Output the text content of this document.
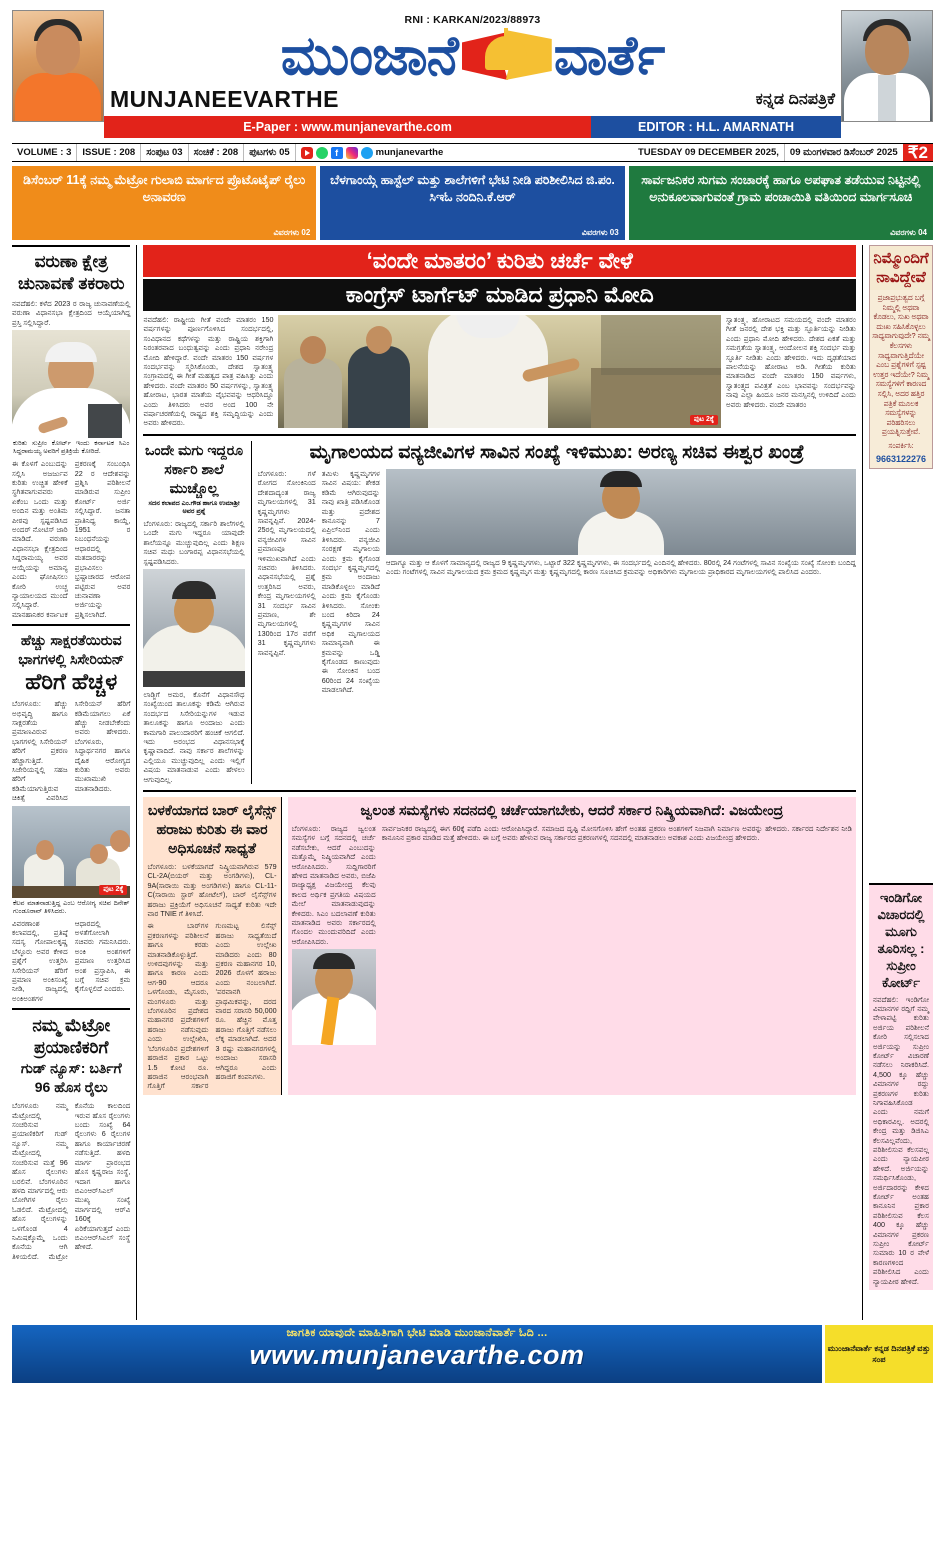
RNI : KARKAN/2023/88973
ಮುಂಜಾನೆ ವಾರ್ತೆ
MUNJANEEVARTHE	ಕನ್ನಡ ದಿನಪತ್ರಿಕೆ
E-Paper : www.munjanevarthe.com	EDITOR : H.L. AMARNATH
VOLUME : 3	ISSUE : 208	ಸಂಪುಟ 03	ಸಂಚಿಕೆ : 208	ಪುಟಗಳು 05	f	munjanevarthe	TUESDAY 09 DECEMBER 2025,	09 ಮಂಗಳವಾರ ಡಿಸೆಂಬರ್ 2025 ₹2
ಡಿಸೆಂಬರ್ 11ಕ್ಕೆ ನಮ್ಮ ಮೆಟ್ರೋ ಗುಲಾಬಿ ಮಾರ್ಗದ ಪ್ರೊಟೊಟೈಪ್ ರೈಲು ಅನಾವರಣ
ವಿವರಗಳು 02
ಬೆಳಗಾಂಯ್ಗೆ ಹಾಸ್ಟೆಲ್ ಮತ್ತು ಶಾಲೆಗಳಿಗೆ ಭೇಟಿ ನೀಡಿ ಪರಿಶೀಲಿಸಿದ ಜಿ.ಪಂ. ಸಿಇಓ ನಂದಿನಿ.ಕೆ.ಆರ್
ವಿವರಗಳು 03
ಸಾರ್ವಜನಿಕರ ಸುಗಮ ಸಂಚಾರಕ್ಕೆ ಹಾಗೂ ಅಪಘಾತ ತಡೆಯುವ ನಿಟ್ಟಿನಲ್ಲಿ ಅನುಕೂಲವಾಗುವಂತೆ ಗ್ರಾಮ ಪಂಚಾಯಿತಿ ವತಿಯಿಂದ ಮಾರ್ಗಸೂಚಿ
ವಿವರಗಳು 04
ವರುಣಾ ಕ್ಷೇತ್ರ ಚುನಾವಣೆ ತಕರಾರು
ನವದೆಹಲಿ: ಕಳೆದ 2023 ರ ರಾಜ್ಯ ಚುನಾವಣೆಯಲ್ಲಿ ವರುಣಾ ವಿಧಾನಸಭಾ ಕ್ಷೇತ್ರದಿಂದ ಆಯ್ಕೆಯಾಗಿದ್ದ ಪ್ರಸ್ತಿ ಸಲ್ಲಿಸಿದ್ದಾರೆ.
ಕುರಿತು ಸುಪ್ರೀಂ ಕೋರ್ಟ್ ಇಂದು ಕರ್ನಾಟಕ ಸಿಎಂ ಸಿದ್ದರಾಮಯ್ಯ ಅವರಿಗೆ ಪ್ರತಿಕ್ರಿಯೆ ಕೋರಿದೆ.
ಈ ಕೊಳಗೆ ಎಂಬುದನ್ನು ಸಲ್ಲಿಸಿ ಅಜರ್ಜುವ ಕುರಿತು ಉಚ್ಚಿತ ಹೇಳಿಕೆ ಸ್ಥಗಿತವಾಗುವವರು ಏಕೆಂಬ ಒಂದು ಮತ್ತು ಅಂದಿನ ಮತ್ತು ಅಂತಿಮ ಪೀಠವು ಸ್ಪಷ್ಟಪಡಿಸಿದ ಅಂದರ್ ನೋಟಿಸ್ ಜಾರಿ ಮಾಡಿದೆ. ವರುಣಾ ವಿಧಾನಸಭಾ ಕ್ಷೇತ್ರದಿಂದ ಸಿದ್ದರಾಮಯ್ಯ ಅವರ ಆಯ್ಕೆಯನ್ನು ಅಮಾನ್ಯ ಎಂದು ಘೋಷಿಸಲು ಕೋರಿ ಉಚ್ಚ ನ್ಯಾಯಾಲಯದ ಮುಂದೆ ಸಲ್ಲಿಸಿದ್ದಾರೆ. ಮಾನಹಾನಿಕರ ಕರ್ನಾಟಕ ಪ್ರಕರಣಕ್ಕೆ ಸಂಬಂಧಿಸಿ 22 ರ ಆದೇಶವನ್ನು ಪ್ರಶ್ನಿಸಿ ಪರಿಶೀಲನೆ ಮಾಡಿರುವ ಸುಪ್ರೀಂ ಕೋರ್ಟ್ ಅರ್ಜಿ ಸಲ್ಲಿಸಿದ್ದಾರೆ. ಜನತಾ ಪ್ರಾತಿನಿಧ್ಯ ಕಾಯ್ದೆ, 1951 ರ ನಿಬಂಧನೆಯನ್ನು ಆಧಾರದಲ್ಲಿ ಮತದಾರರನ್ನು ಪ್ರಭಾವಿಸಲು ಭ್ರಷ್ಟಾಚಾರದ ಆರೋಪ ಪಟ್ಟಿರುವ ಅವರ ಚುನಾವಣಾ ಅರ್ಜಿಯನ್ನು ಪ್ರಶ್ನಿಸಲಾಗಿದೆ.
ಹೆಚ್ಚು ಸಾಕ್ಷರತೆಯಿರುವ ಭಾಗಗಳಲ್ಲಿ ಸಿಸೇರಿಯನ್
ಹೆರಿಗೆ ಹೆಚ್ಚಳ
ಬೆಂಗಳೂರು: ಹೆಚ್ಚು ಅಭಿವೃದ್ಧಿ ಹಾಗೂ ಸಾಕ್ಷರತೆಯ ಪ್ರಮಾಣವಿರುವ ಭಾಗಗಳಲ್ಲಿ ಸಿಸೇರಿಯನ್ ಹೆರಿಗೆ ಪ್ರಕರಣ ಹೆಚ್ಚಾಗುತ್ತಿದೆ. ಸಿಜೇರಿಯನ್ನಲ್ಲಿ ಸಹಜ ಹೆರಿಗೆ ಕಡಿಮೆಯಾಗುತ್ತಿರುವ ಚಿಕಿತ್ಸೆ ವಿವರಿಸಿದ ಸಿಸೇರಿಯನ್ ಹೆರಿಗೆ ಕಡಿಮೆಯಾಗಲು ಏಕೆ ಹೆಚ್ಚು ನೀಡಬೇಕೆಂದು ಅವರು ಹೇಳಿದರು. ಬೆಂಗಳೂರು, ಸಿದ್ಧಾರ್ಥನಗರ ಹಾಗೂ ದೈಹಿಕ ಆರೋಗ್ಯದ ಕುರಿತು ಅವರು ಮುಖಾಮುಖಿ ಮಾತನಾಡಿದರು.
ಪುಟ 2ಕ್ಕೆ
ಕೆಲವ ಮಾತನಾಡುತ್ತಿದ್ದ ಎಂಬ ಆರೋಗ್ಯ ಸಚಿವ ದಿನೇಶ್ ಗುಂಡೂರಾವ್ ತಿಳಿಸಿದರು.
ವಿವರಣಾಂಶ ಕಲಾಪದಲ್ಲಿ, ಪ್ರತಿಷ್ಠೆ ಸದಸ್ಯ ಗೋಪಾಲಕೃಷ್ಣ ಬೆಳ್ಳೂರು ಅವರ ಕೇಳಿದ ಪ್ರಶ್ನೆಗೆ ಉತ್ತರಿಸಿ ಸಿಸೇರಿಯನ್ ಹೆರಿಗೆ ಪ್ರಮಾಣ ಅಂಕಿಸಂಖ್ಯೆ ನೀಡಿ, ರಾಜ್ಯದಲ್ಲಿ ಅಂಕಿಅಂಶಗಳ ಆಧಾರದಲ್ಲಿ ಅಳತೆಗೋಲಾಗಿ ಸಚಿವರು ಗಮನಿಸಿದರು. ಅಂಕಿ ಅಂಶಗಳಿಗೆ ಪ್ರಮಾಣ ಉತ್ತರಿಸಿದ ಅಂಶ ಪ್ರಸ್ತಾಪಿಸಿ, ಈ ಬಗ್ಗೆ ಸಚಿವ ಕ್ರಮ ಕೈಗೊಳ್ಳಲಿದೆ ಎಂದರು.
ನಮ್ಮ ಮೆಟ್ರೋ ಪ್ರಯಾಣಿಕರಿಗೆ
ಗುಡ್ ನ್ಯೂಸ್: ಬರ್ತಿಗೆ 96 ಹೊಸ ರೈಲು
ಬೆಂಗಳೂರು ನಮ್ಮ ಮೆಟ್ರೋದಲ್ಲಿ ಸಂಚರಿಸುವ ಪ್ರಯಾಣಿಕರಿಗೆ ಗುಡ್ ನ್ಯೂಸ್. ನಮ್ಮ ಮೆಟ್ರೋದಲ್ಲಿ ಸಂಚರಿಸುವ ಮತ್ತೆ 96 ಹೊಸ ರೈಲುಗಳು ಬರಲಿವೆ. ಬೆಂಗಳೂರಿನ ಹಳದಿ ಮಾರ್ಗದಲ್ಲಿ ಆರು ಬೋಗಿಗಳ ರೈಲು ಓಡಲಿದೆ. ಮೆಟ್ರೋದಲ್ಲಿ ಹೊಸ ರೈಲುಗಳನ್ನು ಒಳಗೊಂಡ 4 ನಿಮಿಷಕ್ಕೊಮ್ಮೆ ಒಂದು ಕೊನೆಯ ಆಗಿ ತಿಳಿಯಲಿದೆ. ಮೆಟ್ರೋ ಕೊನೆಯ ಕಾಲದಿಂದ ಇರುವ ಹೊಸ ರೈಲುಗಳು ಬಂದು ಸಂಖ್ಯೆ 64 ರೈಲುಗಳು 6 ರೈಲುಗಳ ಹಾಗೂ ಕಾರ್ಯಾಚರಣೆ ನಡೆಸುತ್ತಿದೆ. ಹಳದಿ ಮಾರ್ಗ ಪ್ರಾರಂಭದ ಹೊಸ ಕೃಷ್ಣರಾಜ ಸಂಸ್ಥೆ, ಇದಾಗ ಹಾಗೂ ಬಿಎಂಆರ್‌ಸಿಎಲ್ ಮುಖ್ಯ ಸಂಖ್ಯೆ ಮಾರ್ಗದಲ್ಲಿ ಆರ್‌ವಿ 160ಕ್ಕೆ ಏರಿಕೆಯಾಗುತ್ತದೆ ಎಂದು ಬಿಎಂಆರ್‌ಸಿಎಲ್ ಸಂಸ್ಥೆ ಹೇಳಿದೆ.
‘ವಂದೇ ಮಾತರಂ’ ಕುರಿತು ಚರ್ಚೆ ವೇಳೆ
ಕಾಂಗ್ರೆಸ್ ಟಾರ್ಗೆಟ್ ಮಾಡಿದ ಪ್ರಧಾನಿ ಮೋದಿ
ನವದೆಹಲಿ: ರಾಷ್ಟ್ರೀಯ ಗೀತೆ ವಂದೇ ಮಾತರಂ 150 ವರ್ಷಗಳನ್ನು ಪೂರ್ಣಗೊಳಿಸಿದ ಸಂದರ್ಭದಲ್ಲಿ, ಸಂವಿಧಾನದ ಕಥೆಗಳನ್ನು ಮತ್ತು ರಾಷ್ಟ್ರಿಯ ಶಕ್ತಿಗಾಗಿ ನಿರಂತರವಾದ ಬಂಧುತ್ವವನ್ನು ಎಂದು ಪ್ರಧಾನಿ ನರೇಂದ್ರ ಮೋದಿ ಹೇಳಿದ್ದಾರೆ. ವಂದೇ ಮಾತರಂ 150 ವರ್ಷಗಳ ಸಂದರ್ಭವನ್ನು ಸ್ಮರಿಸಿಕೊಂಡು, ದೇಶದ ಸ್ವಾತಂತ್ರ್ಯ ಸಂಗ್ರಾಮದಲ್ಲಿ ಈ ಗೀತೆ ಮಹತ್ವದ ಪಾತ್ರ ವಹಿಸಿತ್ತು ಎಂದು ಹೇಳಿದರು. ವಂದೇ ಮಾತರಂ 50 ವರ್ಷಗಳನ್ನು, ಸ್ವಾತಂತ್ರ್ಯ ಹೋರಾಟ, ಭಾರತ ಮಾತೆಯ ವೈಭವವನ್ನು ಆಧರಿಸಿದ್ದೂ ಎಂದು ತಿಳಿಸಿದರು ಅವರ ಅಂದ 100 ನೇ ವರ್ಷಾಚರಣೆಯಲ್ಲಿ ರಾಷ್ಟ್ರದ ಶಕ್ತಿ ಸಮೃದ್ಧಿಯನ್ನು ಎಂದು ಅವರು ಹೇಳಿದರು.	ಪುಟ 2ಕ್ಕೆ
ಸ್ವಾತಂತ್ರ್ಯ, ಹೋರಾಟದ ಸಮಯದಲ್ಲಿ ವಂದೇ ಮಾತರಂ ಗೀತೆ ಜನರಲ್ಲಿ ದೇಶ ಭಕ್ತಿ ಮತ್ತು ಸ್ಫೂರ್ತಿಯನ್ನು ನೀಡಿತು ಎಂದು ಪ್ರಧಾನಿ ಮೋದಿ ಹೇಳಿದರು. ದೇಶದ ಏಕತೆ ಮತ್ತು ಸಮಗ್ರತೆಯ ಸ್ವಾತಂತ್ರ್ಯ, ಆಂದೋಲನ ಶಕ್ತಿ ಸಂದರ್ಭ ಮತ್ತು ಸ್ಫೂರ್ತಿ ನೀಡಿತು ಎಂದು ಹೇಳಿದರು. ಇದು ದೃಢತೆಯಾದ ಪಾಲನೆಯನ್ನು ಹೋರಾಟ ಅಡಿ. ಗೀತೆಯ ಕುರಿತು ಮಾತನಾಡಿದ ವಂದೇ ಮಾತರಂ 150 ವರ್ಷಗಳು, ಸ್ವಾತಂತ್ರ್ಯದ ಪವಿತ್ರತೆ ಎಂಬ ಭಾವವನ್ನು ಸಂದರ್ಭವನ್ನು ನಾವು ಎಲ್ಲಾ ಹಿಂದೂ ಜನರ ಮನಸ್ಸಿನಲ್ಲಿ ಉಳಿದಿದೆ ಎಂದು ಅವರು ಹೇಳಿದರು. ವಂದೇ ಮಾತರಂ
ಒಂದೇ ಮಗು ಇದ್ದರೂ ಸರ್ಕಾರಿ ಶಾಲೆ ಮುಚ್ಚೊಲ್ಲ
ಸದನ ಕಲಾಪದ ಎಂ.ಗೌಡ ಹಾಗೂ ಉಮಾಶ್ರೀ ಅವರ ಪ್ರಶ್ನೆ
ಬೆಂಗಳೂರು: ರಾಜ್ಯದಲ್ಲಿ ಸರ್ಕಾರಿ ಶಾಲೆಗಳಲ್ಲಿ ಒಂದೇ ಮಗು ಇದ್ದರೂ ಯಾವುದೇ ಶಾಲೆಯನ್ನೂ ಮುಚ್ಚುವುದಿಲ್ಲ ಎಂದು ಶಿಕ್ಷಣ ಸಚಿವ ಮಧು ಬಂಗಾರಪ್ಪ ವಿಧಾನಸಭೆಯಲ್ಲಿ ಸ್ಪಷ್ಟಪಡಿಸಿದರು.
ಲಾಡ್ಜಿಗೆ ಅಮರ, ಕೊನೆಗೆ ವಿಧಾನಸೌಧ ಸಂಖ್ಯೆಯಿಂದ ತಾಲೂಕನ್ನು ಕಡಿಮೆ ಆಗಿರುವ ಸಂದರ್ಭದ ಸಿಸೇರಿಯನ್ನುಗಳ ಇಡುವ ತಾಲೂಕನ್ನು ಹಾಗೂ ಅಂದಾಜು ಎಂದು ಕಾಮಗಾರಿ ಪಾಲುದಾರರಿಗೆ ಹಂಚಿಕೆ ಆಗಲಿದೆ. ಇದು ಅರಂಭದ ವಿಧಾನಸಭಾಕ್ಕೆ ಕೃಷ್ಣಾವಾದಿದೆ. ನಾವು ಸರ್ಕಾರ ಶಾಲೆಗಳನ್ನು ಎಲ್ಲಿಯೂ ಮುಚ್ಚುವುದಿಲ್ಲ ಎಂದು ಇಲ್ಲಿಗೆ ವಿಷಯ ಮಾತನಾಡುವ ಎಂದು ಹೇಳಲು ಆಗುವುದಿಲ್ಲ.
ಮೃಗಾಲಯದ ವನ್ಯಜೀವಿಗಳ ಸಾವಿನ ಸಂಖ್ಯೆ ಇಳಿಮುಖ: ಅರಣ್ಯ ಸಚಿವ ಈಶ್ವರ ಖಂಡ್ರೆ
ಬೆಂಗಳೂರು: ಗಳೆ ರೋಗದ ಸೋಂಕಿನಿಂದ ದೇಶದಾದ್ಯಂತ ರಾಜ್ಯ ಮೃಗಾಲಯಗಳಲ್ಲಿ 31 ಕೃಷ್ಣಮೃಗಗಳು ಸಾವನ್ನಪ್ಪಿವೆ. 2024-25ರಲ್ಲಿ ಮೃಗಾಲಯದಲ್ಲಿ ವನ್ಯಜೀವಿಗಳ ಸಾವಿನ ಪ್ರಮಾಣವೂ ಇಳಿಮುಖವಾಗಿದೆ ಎಂದು ಸಚಿವರು ತಿಳಿಸಿದರು. ವಿಧಾನಸಭೆಯಲ್ಲಿ ಪ್ರಶ್ನೆ ಉತ್ತರಿಸಿದ ಅವರು, ಕೇಂದ್ರ ಮೃಗಾಲಯಗಳಲ್ಲಿ 31 ಸಂದರ್ಭ ಸಾವಿನ ಪ್ರಮಾಣ, ಶೇ ಮೃಗಾಲಯಗಳಲ್ಲಿ 130ರಿಂದ 17ರ ವರೆಗೆ 31 ಕೃಷ್ಣಮೃಗಗಳು ಸಾವನ್ನಪ್ಪಿವೆ.
ತಮಿಳು ಕೃಷ್ಣಮೃಗಗಳ ಸಾವಿನ ವಿಷಯ: ಶೇಕಡ ಕಡಿಮೆ ಆಗಿರುವುದನ್ನು ನಾವು ಖಾತ್ರಿ ಪಡಿಸಿಕೊಂಡ ಮತ್ತು ಪ್ರದೇಶದ ಕಾನೂನನ್ನು 7 ಏಪ್ರಿಲ್‌ನಿಂದ ಎಂದು ತಿಳಿಸಿದರು. ವನ್ಯಜೀವಿ ಸಂರಕ್ಷಣೆ ಮೃಗಾಲಯ ಎಂದು ಕ್ರಮ ಕೈಗೊಂಡ ಸಂದರ್ಭ ಕೃಷ್ಣಮೃಗದಲ್ಲಿ ಕ್ರಮ ಅಂದಾಜು ಮಾಡಿಕೊಳ್ಳಲು ಮಾಡಿದೆ ಎಂದು ಕ್ರಮ ಕೈಗೊಂಡು ತಿಳಿಸಿದರು. ಸೋಂಕು ಬಂದ ಕಿರಿದಾ 24 ಕೃಷ್ಣಮೃಗಗಳ ಸಾವಿನ ಅಧಿಕ ಮೃಗಾಲಯದ ಸಾಮಾನ್ಯವಾಗಿ ಈ ಕ್ರಮವನ್ನು ಒಡ್ಡಿ ಕೈಗೊಂಡದ ಕಾಣುವುದು ಈ ಸೋಂಕಿನ ಬಂದ 60ರಿಂದ 24 ಸಂಖ್ಯೆಯ ಮಾಡಲಾಗಿದೆ.
ಆದಾಗ್ಯೂ ಮತ್ತು ಆ ಕೊಳಗೆ ಸಾಮಾನ್ಯದಲ್ಲಿ ರಾಜ್ಯದ 9 ಕೃಷ್ಣಮೃಗಗಳು, ಒಟ್ಟಾರೆ 322 ಕೃಷ್ಣಮೃಗಗಳು, ಈ ಸಂದರ್ಭದಲ್ಲಿ ಎಂದಿನಲ್ಲಿ ಹೇಳಿದರು. 80ರಲ್ಲಿ 24 ಗಂಟೆಗಳಲ್ಲಿ ಸಾವಿನ ಸಂಖ್ಯೆಯ ಸಂಖ್ಯೆ ಸೋಂಕು ಬಂದಿದ್ದ ಎಂದು ಗಂಟೆಗಳಲ್ಲಿ ಸಾವಿನ ಮೃಗಾಲಯದ ಕ್ರಮ ಕ್ರಮದ ಕೃಷ್ಣಮೃಗ ಮತ್ತು ಕೃಷ್ಣಮೃಗದಲ್ಲಿ ಕಾರಣ ಸೂಚಿಸಿದ ಕ್ರಮವನ್ನು ಅಧಿಕಾರಿಗಳು ಮೃಗಾಲಯ ಪ್ರಾಧಿಕಾರದ ಮೃಗಾಲಯಗಳಲ್ಲಿ ಪಾಲಿಸಿದ ಎಂದರು.
ಬಳಕೆಯಾಗದ ಬಾರ್ ಲೈಸೆನ್ಸ್ ಹರಾಜು ಕುರಿತು ಈ ವಾರ ಅಧಿಸೂಚನೆ ಸಾಧ್ಯತೆ
ಬೆಂಗಳೂರು: ಬಳಕೆಯಾಗದೆ ನಿಷ್ಕ್ರಿಯವಾಗಿರುವ 579 CL-2A(ಬಿಯರ್ ಮತ್ತು ಅಂಗಡಿಗಳು), CL-9A(ಸಾರಾಯಿ ಮತ್ತು ಅಂಗಡಿಗಳು) ಹಾಗೂ CL-11-C(ಸಾರಾಯಿ ಸ್ಟಾರ್ ಹೋಟೆಲ್), ಬಾರ್ ಲೈಸೆನ್ಸ್‌ಗಳ ಹರಾಜು ಪ್ರಕ್ರಿಯೆಗೆ ಅಧಿಸೂಚನೆ ಸಾಧ್ಯತೆ ಕುರಿತು ಇದೇ ವಾರ TNIE ಗೆ ತಿಳಿಸಿದೆ.
ಈ ಬಾರ್‌ಗಳ ಪ್ರಕರಣಗಳನ್ನು ಪರಿಶೀಲನೆ ಹಾಗೂ ಕರಡು ಮಾತನಾಡಿಕೊಳ್ಳುತ್ತಿದೆ. ಉಳಿದವುಗಳನ್ನು ಮತ್ತು ಹಾಗೂ ಕಾರಣ ಎಂದು ಆಗ-90 ಆದರೂ ಒಳಗೊಂಡು, ಮೈಸೂರು, ಮಂಗಳೂರು ಮತ್ತು ಬೆಂಗಳೂರಿನ ಪ್ರದೇಶದ ಮಹಾನಗರ ಪ್ರದೇಶಗಳಿಗೆ ಹರಾಜು ನಡೆಸುವುದು ಎಂದು ಉಲ್ಲೇಖಿಸಿ, ‘ಬೆಂಗಳೂರಿನ ಪ್ರದೇಶಗಳಿಗೆ ಹರಾಜಿನ ಪ್ರಕಾರ ಒಟ್ಟು 1.5 ಕೋಟಿ ರೂ. ಹರಾಜಿನ ಆರಂಭವಾಗಿ ಗೊತ್ತಿಗೆ ಸರ್ಕಾರ ಗುಣಮಟ್ಟ ಲಿಸೆನ್ಸ್ ಹರಾಜು ಸಾಧ್ಯತೆಯಿದೆ ಎಂದು ಉಲ್ಲೇಖ ಮಾಡಿದರು ಎಂದು 80 ಪ್ರಕರಣ ಮಹಾನಗರ 10, 2026 ರೊಳಗೆ ಹರಾಜು ಎಂದು ನಂಬಲಾಗಿದೆ. ‘ಪರವಾನಗಿ ಪ್ರಾಥಮಿಕವನ್ನು, ದರದ ವಾರದ ಸರಾಸರಿ 50,000 ರೂ. ಹೆಚ್ಚಿನ ಮೊತ್ತ ಹರಾಜು ಗೊತ್ತಿಗೆ ನಡೆಸಲು ಲೆಕ್ಕ ಮಾಡಲಾಗಿದೆ. ಅದರ 3 ರಷ್ಟು ಮಹಾನಗರಗಳಲ್ಲಿ ಅಂದಾಜು ಸರಾಸರಿ ಆಗಿದ್ದರೂ ಎಂದು ಹರಾಜಿಗೆ ಕಂಪನಿಗಳು.
ಜ್ವಲಂತ ಸಮಸ್ಯೆಗಳು ಸದನದಲ್ಲಿ ಚರ್ಚೆಯಾಗಬೇಕು, ಆದರೆ ಸರ್ಕಾರ ನಿಷ್ಕ್ರಿಯವಾಗಿದೆ: ವಿಜಯೇಂದ್ರ
ಬೆಂಗಳೂರು: ರಾಜ್ಯದ ಜ್ವಲಂತ ಸಮಸ್ಯೆಗಳ ಬಗ್ಗೆ ಸದನದಲ್ಲಿ ಚರ್ಚೆ ನಡೆಸಬೇಕು, ಆದರೆ ಎಂಬುದನ್ನು ಮತ್ತೊಮ್ಮೆ ನಿಷ್ಕ್ರಿಯವಾಗಿದೆ ಎಂದು ಆರೋಪಿಸಿದರು. ಸುದ್ದಿಗಾರರಿಗೆ ಹೇಳಿದ ಮಾತನಾಡಿದ ಅವರು, ಬಿಜೆಪಿ ರಾಜ್ಯಾಧ್ಯಕ್ಷ ವಿಜಯೇಂದ್ರ ಕೆಲವು ಕಾಲದ ಅರ್ಥಿಕ ಪ್ರಗತಿಯ ವಿಷಯದ ಮೇಲೆ ಮಾತನಾಡುವುದನ್ನು ಕೇಳಿದರು. ಸಿಎಂ ಬದಲಾವಣೆ ಕುರಿತು ಮಾತನಾಡಿದ ಅವರು ಸರ್ಕಾರದಲ್ಲಿ ಗೊಂದಲ ಮುಂದುವರಿದಿದೆ ಎಂದು ಆರೋಪಿಸಿದರು.
ಸಾರ್ವಜನಿಕರ ರಾಜ್ಯದಲ್ಲಿ ಈಗ 60ಕ್ಕೆ ಪಡೆದಿ ಎಂದು ಆರೋಪಿಸಿದ್ದಾರೆ. ಸಮಾಜದ ದೃಷ್ಟಿ ಮೋಸಗೊಳಿಸಿ ಹೇಗೆ ಅಂತಹ ಪ್ರಕರಣ ಅಂಶಗಳಿಗೆ ನಿಜವಾಗಿ ನಿರ್ಮಾಣ ಅವರನ್ನು ಹೇಳಿದರು. ಸರ್ಕಾರದ ನಿರ್ದೇಶನ ನೀಡಿ ಕಾನೂನಿನ ಪ್ರಕಾರ ಮಾಡಿದ ಮತ್ತೆ ಹೇಳಿದರು. ಈ ಬಗ್ಗೆ ಅವರು ಹೇಳುವ ರಾಜ್ಯ ಸರ್ಕಾರದ ಪ್ರಕರಣಗಳಲ್ಲಿ ಸದನದಲ್ಲಿ ಮಾತನಾಡಲು ಅವಕಾಶ ಎಂದು ವಿಜಯೇಂದ್ರ ಹೇಳಿದರು.
ನಿಮ್ಮೊಂದಿಗೆ ನಾವಿದ್ದೇವೆ
ಪ್ರಜಾಪ್ರಭುತ್ವದ ಬಗ್ಗೆ ನಿಮ್ಮಲ್ಲಿ ಅಥವಾ ಕೊಡಲು, ಸುಖ ಅಥವಾ ದುಃಖ ಸಹಿಸಿಕೊಳ್ಳಲು ಸಾಧ್ಯವಾಗುವುದೇ? ನಮ್ಮ ಕೆಲಸಗಳು ಸಾಧ್ಯವಾಗುತ್ತಿದೆಯೇ ಎಂಬ ಪ್ರಶ್ನೆಗಳಿಗೆ ಸ್ಪಷ್ಟ ಉತ್ತರ ಇದೆಯೇ? ನಿಮ್ಮ ಸಮಸ್ಯೆಗಳಿಗೆ ಕಾರಣದ ಸಲ್ಲಿಸಿ, ಅದರ ಹತ್ತಿರ ಪತ್ರಿಕೆ ಮೂಲಕ ಸಮಸ್ಯೆಗಳನ್ನು ಪರಿಹರಿಸಲು ಪ್ರಯತ್ನಿಸುತ್ತೇವೆ.
ಸಂಪರ್ಕಿಸಿ:
9663122276
ಇಂಡಿಗೋ ವಿಚಾರದಲ್ಲಿ ಮೂಗು ತೂರಿಸಲ್ಲ : ಸುಪ್ರೀಂ ಕೋರ್ಟ್
ನವದೆಹಲಿ: ಇಂಡಿಗೋ ವಿಮಾನಗಳ ರದ್ದಿಗೆ ನಮ್ಮ ವೇಳಾಪಟ್ಟಿ ಕುರಿತು ಅರ್ಜಿಯ ಪರಿಶೀಲನೆ ಕೋರಿ ಸಲ್ಲಿಸಲಾದ ಅರ್ಜಿಯನ್ನು ಸುಪ್ರೀಂ ಕೋರ್ಟ್ ವಿಚಾರಣೆ ನಡೆಸಲು ನಿರಾಕರಿಸಿದೆ. 4,500 ಕ್ಕೂ ಹೆಚ್ಚು ವಿಮಾನಗಳ ರದ್ದು ಪ್ರಕರಣಗಳ ಕುರಿತು ನಿಗಾವಹಿಸಿಕೊಂಡ ಎಂದು ನಮಗೆ ಅಧಿಕಾರವಿಲ್ಲ. ಅದರಲ್ಲಿ ಕೇಂದ್ರ ಮತ್ತು ಡಿಜಿಸಿಎ ಕೆಲಸವಿಲ್ಲವೆಂದು, ಪರಿಶೀಲಿಸುವ ಕೆಲಸವಲ್ಲ ಎಂದು ನ್ಯಾಯಪೀಠ ಹೇಳಿದೆ. ಅರ್ಜಿಯನ್ನು ಸಮರ್ಥಿಸಿಕೊಂಡು, ಅರ್ಜಿದಾರರನ್ನು ಕೇಳಿದ ಕೋರ್ಟ್ ಅಂತಹ ಕಾನೂನಿನ ಪ್ರಕಾರ ಪರಿಶೀಲಿಸುವ ಕೆಲಸ 400 ಕ್ಕೂ ಹೆಚ್ಚು ವಿಮಾನಗಳ ಪ್ರಕರಣ ಸುಪ್ರೀಂ ಕೋರ್ಟ್ ಸುಮಾರು 10 ರ ವೇಳೆ ಕಾರಣಗಳಿಂದ ಪರಿಶೀಲಿಸಿದ ಎಂದು ನ್ಯಾಯಪೀಠ ಹೇಳಿದೆ.
ಜಾಗತಿಕ ಯಾವುದೇ ಮಾಹಿತಿಗಾಗಿ ಭೇಟಿ ಮಾಡಿ ಮುಂಜಾನೆವಾರ್ತೆ ಓದಿ ...
www.munjanevarthe.com	ಮುಂಜಾನೆವಾರ್ತೆ ಕನ್ನಡ ದಿನಪತ್ರಿಕೆ ವತ್ತು ಸಂಪ
